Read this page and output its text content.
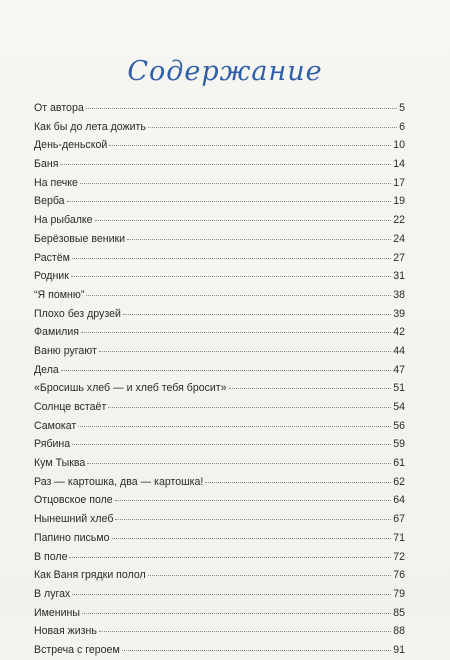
Содержание
От автора	5
Как бы до лета дожить	6
День-деньской	10
Баня	14
На печке	17
Верба	19
На рыбалке	22
Берёзовые веники	24
Растём	27
Родник	31
“Я помню”	38
Плохо без друзей	39
Фамилия	42
Ваню ругают	44
Дела	47
«Бросишь хлеб — и хлеб тебя бросит»	51
Солнце встаёт	54
Самокат	56
Рябина	59
Кум Тыква	61
Раз — картошка, два — картошка!	62
Отцовское поле	64
Нынешний хлеб	67
Папино письмо	71
В поле	72
Как Ваня грядки полол	76
В лугах	79
Именины	85
Новая жизнь	88
Встреча с героем	91
